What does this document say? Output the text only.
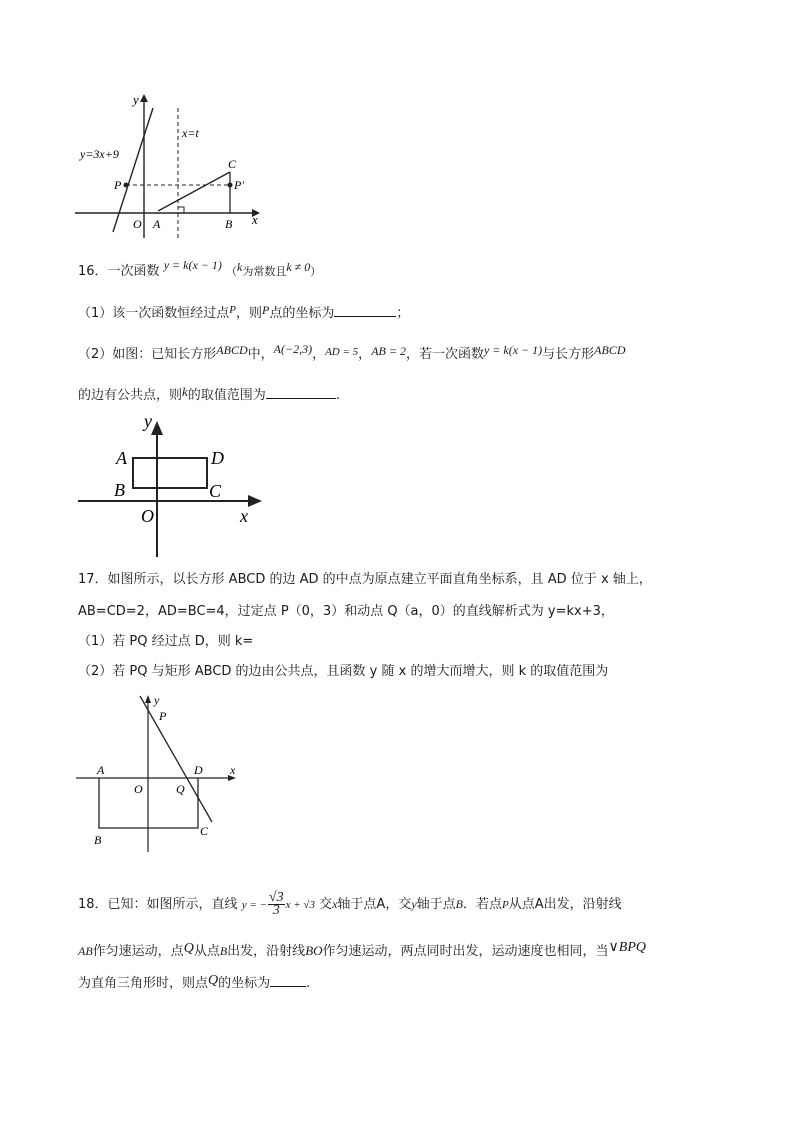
y
x
y=3x+9
x=t
P	P′
C
B
A
O
16．一次函数 y = k(x − 1) （k为常数且k ≠ 0）
（1）该一次函数恒经过点$^P$，则P点的坐标为	；
（2）如图：已知长方形ABCD中，A(−2,3)，$^{AD = 5}$，AB = 2，若一次函数y = k(x − 1)与长方形ABCD
的边有公共点，则k的取值范围为	.
y
x
O
A
B
D
C
17．如图所示，以长方形 ABCD 的边 AD 的中点为原点建立平面直角坐标系，且 AD 位于 x 轴上，
AB=CD=2，AD=BC=4，过定点 P（0，3）和动点 Q（a，0）的直线解析式为 y=kx+3，
（1）若 PQ 经过点 D，则 k=
（2）若 PQ 与矩形 ABCD 的边由公共点，且函数 y 随 x 的增大而增大，则 k 的取值范围为
y
x
P
A	D
O	Q
B
C
18．已知：如图所示，直线 y = − $\frac{√3}{3}$ x + √3 交x轴于点A，交y轴于点B．若点P从点A出发，沿射线
AB作匀速运动，点Q从点B出发，沿射线BO作匀速运动，两点同时出发，运动速度也相同，当∨BPQ
为直角三角形时，则点Q的坐标为	.
